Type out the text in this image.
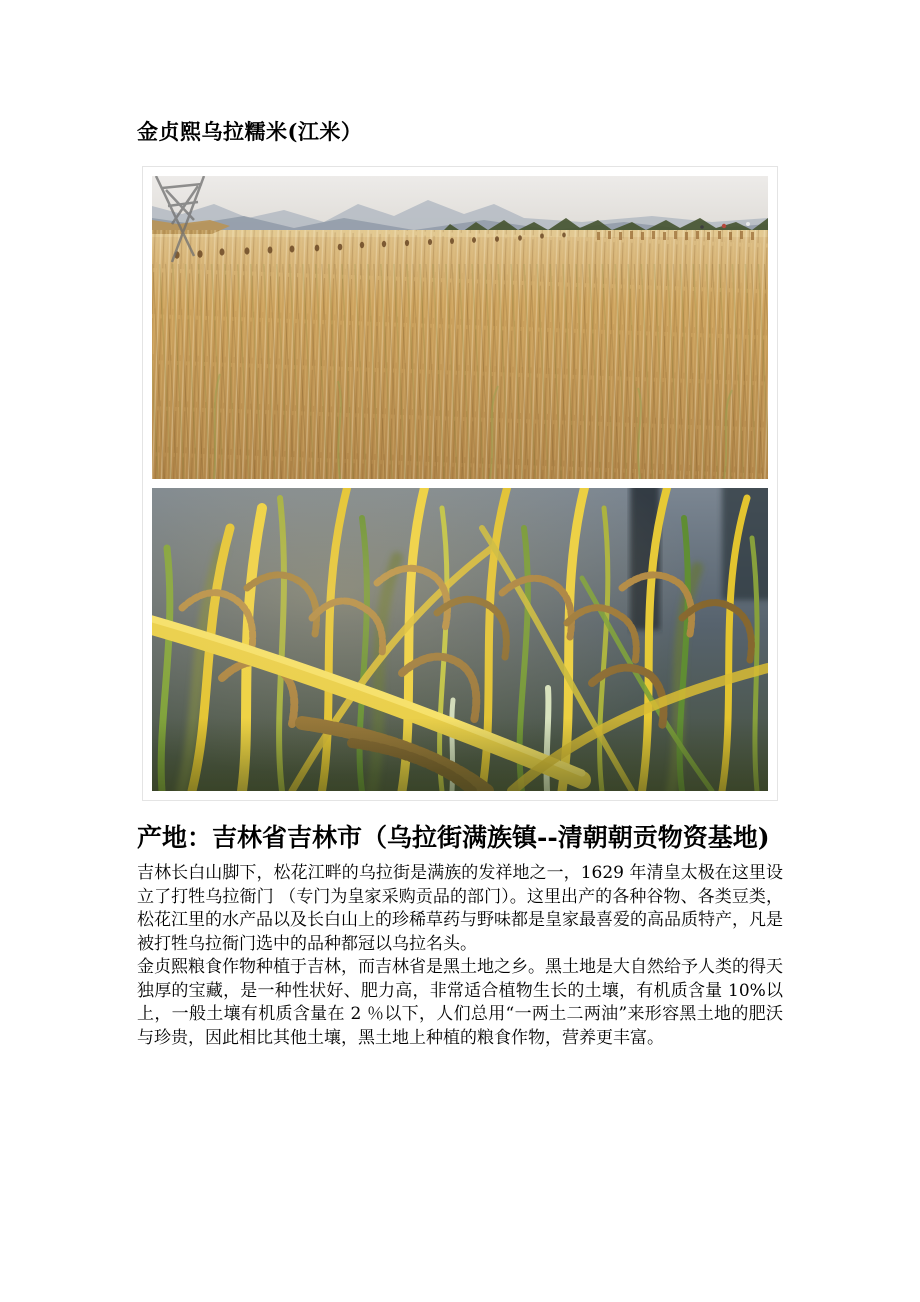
金贞熙乌拉糯米(江米）
产地：吉林省吉林市（乌拉街满族镇--清朝朝贡物资基地)

吉林长白山脚下，松花江畔的乌拉街是满族的发祥地之一，1629 年清皇太极在这里设立了打牲乌拉衙门 （专门为皇家采购贡品的部门）。这里出产的各种谷物、各类豆类，松花江里的水产品以及长白山上的珍稀草药与野味都是皇家最喜爱的高品质特产，凡是被打牲乌拉衙门选中的品种都冠以乌拉名头。

金贞熙粮食作物种植于吉林，而吉林省是黑土地之乡。黑土地是大自然给予人类的得天独厚的宝藏，是一种性状好、肥力高，非常适合植物生长的土壤，有机质含量 10%以上，一般土壤有机质含量在 2 ％以下，人们总用“一两土二两油”来形容黑土地的肥沃与珍贵，因此相比其他土壤，黑土地上种植的粮食作物，营养更丰富。
